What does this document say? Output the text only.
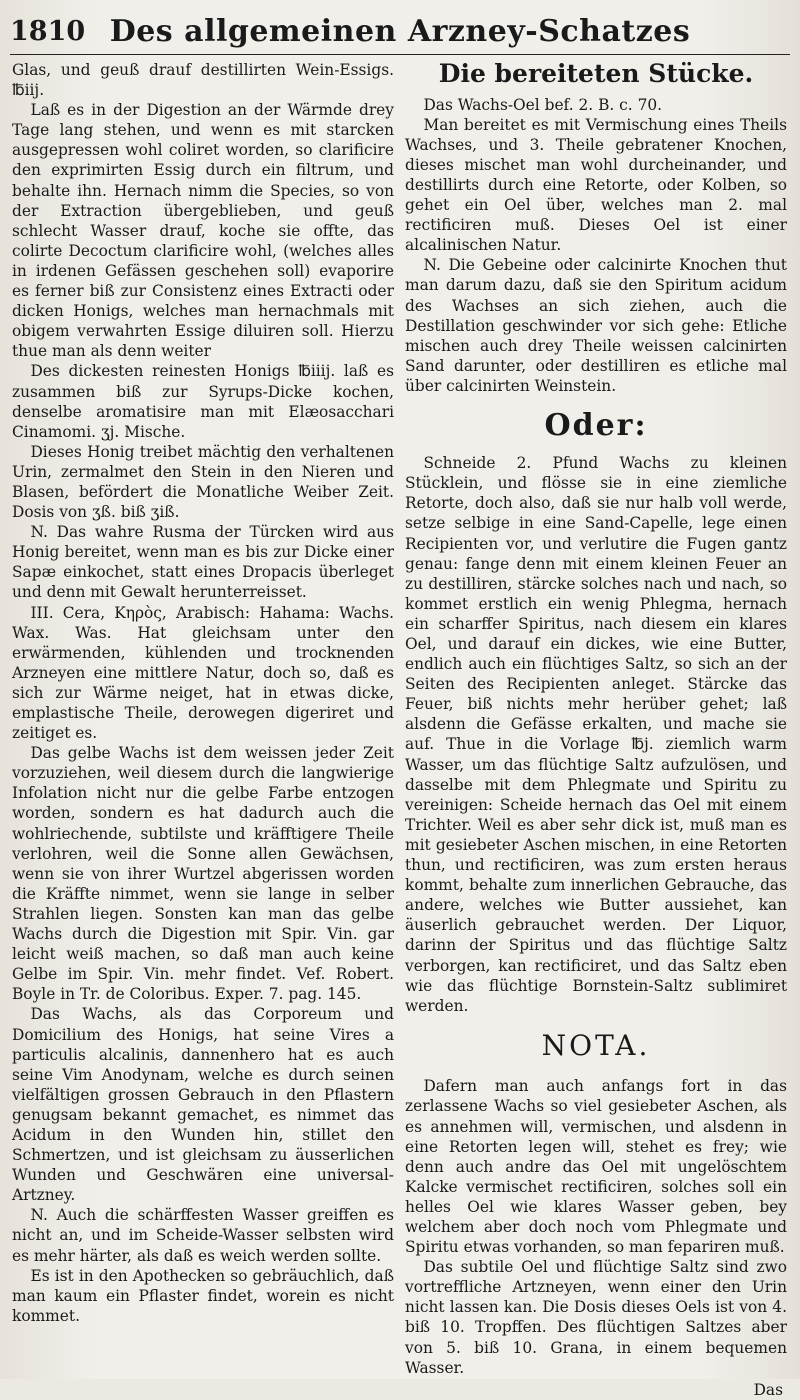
1810 Des allgemeinen Arzney-Schatzes

Glas, und geuß drauf destillirten Wein-Essigs. ℔iij.

Laß es in der Digestion an der Wärmde drey Tage lang stehen, und wenn es mit starcken ausgepressen wohl coliret worden, so clarificire den exprimirten Essig durch ein filtrum, und behalte ihn. Hernach nimm die Species, so von der Extraction übergeblieben, und geuß schlecht Wasser drauf, koche sie offte, das colirte Decoctum clarificire wohl, (welches alles in irdenen Gefässen geschehen soll) evaporire es ferner biß zur Consistenz eines Extracti oder dicken Honigs, welches man hernachmals mit obigem verwahrten Essige diluiren soll. Hierzu thue man als denn weiter

Des dickesten reinesten Honigs ℔iiij. laß es zusammen biß zur Syrups-Dicke kochen, denselbe aromatisire man mit Elæosacchari Cinamomi. ʒj. Mische.

Dieses Honig treibet mächtig den verhaltenen Urin, zermalmet den Stein in den Nieren und Blasen, befördert die Monatliche Weiber Zeit. Dosis von ʒß. biß ʒiß.

N. Das wahre Rusma der Türcken wird aus Honig bereitet, wenn man es bis zur Dicke einer Sapæ einkochet, statt eines Dropacis überleget und denn mit Gewalt herunterreisset.

III. Cera, Κηρὸς, Arabisch: Hahama: Wachs. Wax. Was. Hat gleichsam unter den erwärmenden, kühlenden und trocknenden Arzneyen eine mittlere Natur, doch so, daß es sich zur Wärme neiget, hat in etwas dicke, emplastische Theile, derowegen digeriret und zeitiget es.

Das gelbe Wachs ist dem weissen jeder Zeit vorzuziehen, weil diesem durch die langwierige Infolation nicht nur die gelbe Farbe entzogen worden, sondern es hat dadurch auch die wohlriechende, subtilste und kräfftigere Theile verlohren, weil die Sonne allen Gewächsen, wenn sie von ihrer Wurtzel abgerissen worden die Kräffte nimmet, wenn sie lange in selber Strahlen liegen. Sonsten kan man das gelbe Wachs durch die Digestion mit Spir. Vin. gar leicht weiß machen, so daß man auch keine Gelbe im Spir. Vin. mehr findet. Vef. Robert. Boyle in Tr. de Coloribus. Exper. 7. pag. 145.

Das Wachs, als das Corporeum und Domicilium des Honigs, hat seine Vires a particulis alcalinis, dannenhero hat es auch seine Vim Anodynam, welche es durch seinen vielfältigen grossen Gebrauch in den Pflastern genugsam bekannt gemachet, es nimmet das Acidum in den Wunden hin, stillet den Schmertzen, und ist gleichsam zu äusserlichen Wunden und Geschwären eine universal-Artzney.

N. Auch die schärffesten Wasser greiffen es nicht an, und im Scheide-Wasser selbsten wird es mehr härter, als daß es weich werden sollte.

Es ist in den Apothecken so gebräuchlich, daß man kaum ein Pflaster findet, worein es nicht kommet.

Die bereiteten Stücke.

Das Wachs-Oel bef. 2. B. c. 70.

Man bereitet es mit Vermischung eines Theils Wachses, und 3. Theile gebratener Knochen, dieses mischet man wohl durcheinander, und destillirts durch eine Retorte, oder Kolben, so gehet ein Oel über, welches man 2. mal rectificiren muß. Dieses Oel ist einer alcalinischen Natur.

N. Die Gebeine oder calcinirte Knochen thut man darum dazu, daß sie den Spiritum acidum des Wachses an sich ziehen, auch die Destillation geschwinder vor sich gehe: Etliche mischen auch drey Theile weissen calcinirten Sand darunter, oder destilliren es etliche mal über calcinirten Weinstein.

Oder:

Schneide 2. Pfund Wachs zu kleinen Stücklein, und flösse sie in eine ziemliche Retorte, doch also, daß sie nur halb voll werde, setze selbige in eine Sand-Capelle, lege einen Recipienten vor, und verlutire die Fugen gantz genau: fange denn mit einem kleinen Feuer an zu destilliren, stärcke solches nach und nach, so kommet erstlich ein wenig Phlegma, hernach ein scharffer Spiritus, nach diesem ein klares Oel, und darauf ein dickes, wie eine Butter, endlich auch ein flüchtiges Saltz, so sich an der Seiten des Recipienten anleget. Stärcke das Feuer, biß nichts mehr herüber gehet; laß alsdenn die Gefässe erkalten, und mache sie auf. Thue in die Vorlage ℔j. ziemlich warm Wasser, um das flüchtige Saltz aufzulösen, und dasselbe mit dem Phlegmate und Spiritu zu vereinigen: Scheide hernach das Oel mit einem Trichter. Weil es aber sehr dick ist, muß man es mit gesiebeter Aschen mischen, in eine Retorten thun, und rectificiren, was zum ersten heraus kommt, behalte zum innerlichen Gebrauche, das andere, welches wie Butter aussiehet, kan äuserlich gebrauchet werden. Der Liquor, darinn der Spiritus und das flüchtige Saltz verborgen, kan rectificiret, und das Saltz eben wie das flüchtige Bornstein-Saltz sublimiret werden.

NOTA.

Dafern man auch anfangs fort in das zerlassene Wachs so viel gesiebeter Aschen, als es annehmen will, vermischen, und alsdenn in eine Retorten legen will, stehet es frey; wie denn auch andre das Oel mit ungelöschtem Kalcke vermischet rectificiren, solches soll ein helles Oel wie klares Wasser geben, bey welchem aber doch noch vom Phlegmate und Spiritu etwas vorhanden, so man fepariren muß.

Das subtile Oel und flüchtige Saltz sind zwo vortreffliche Artzneyen, wenn einer den Urin nicht lassen kan. Die Dosis dieses Oels ist von 4. biß 10. Tropffen. Des flüchtigen Saltzes aber von 5. biß 10. Grana, in einem bequemen Wasser.

Das
